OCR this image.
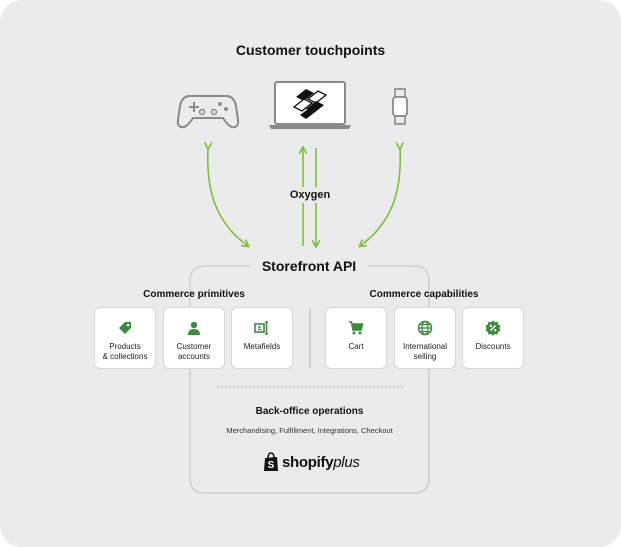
Customer touchpoints
Oxygen
Storefront API
Commerce primitives	Commerce capabilities
Products
& collections
Customer
accounts
Metafields	Cart	International
selling
Discounts
Back-office operations
Merchandising, Fulfillment, Integrations, Checkout
S shopifyplus
